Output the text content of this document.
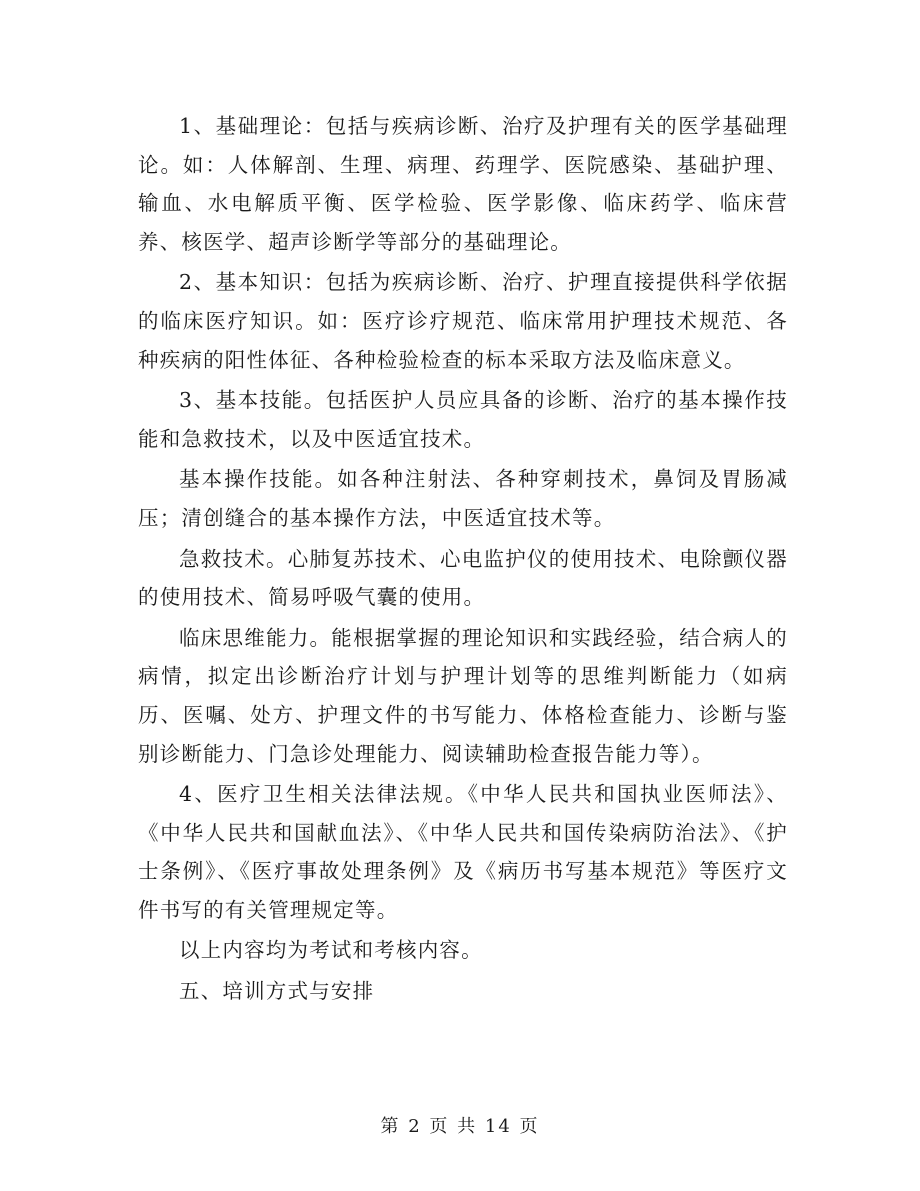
1、基础理论：包括与疾病诊断、治疗及护理有关的医学基础理论。如：人体解剖、生理、病理、药理学、医院感染、基础护理、输血、水电解质平衡、医学检验、医学影像、临床药学、临床营养、核医学、超声诊断学等部分的基础理论。

2、基本知识：包括为疾病诊断、治疗、护理直接提供科学依据的临床医疗知识。如：医疗诊疗规范、临床常用护理技术规范、各种疾病的阳性体征、各种检验检查的标本采取方法及临床意义。

3、基本技能。包括医护人员应具备的诊断、治疗的基本操作技能和急救技术，以及中医适宜技术。

基本操作技能。如各种注射法、各种穿刺技术，鼻饲及胃肠减压；清创缝合的基本操作方法，中医适宜技术等。

急救技术。心肺复苏技术、心电监护仪的使用技术、电除颤仪器的使用技术、简易呼吸气囊的使用。

临床思维能力。能根据掌握的理论知识和实践经验，结合病人的病情，拟定出诊断治疗计划与护理计划等的思维判断能力（如病历、医嘱、处方、护理文件的书写能力、体格检查能力、诊断与鉴别诊断能力、门急诊处理能力、阅读辅助检查报告能力等）。

4、医疗卫生相关法律法规。《中华人民共和国执业医师法》、《中华人民共和国献血法》、《中华人民共和国传染病防治法》、《护士条例》、《医疗事故处理条例》及《病历书写基本规范》等医疗文件书写的有关管理规定等。

以上内容均为考试和考核内容。

五、培训方式与安排

第 2 页 共 14 页
